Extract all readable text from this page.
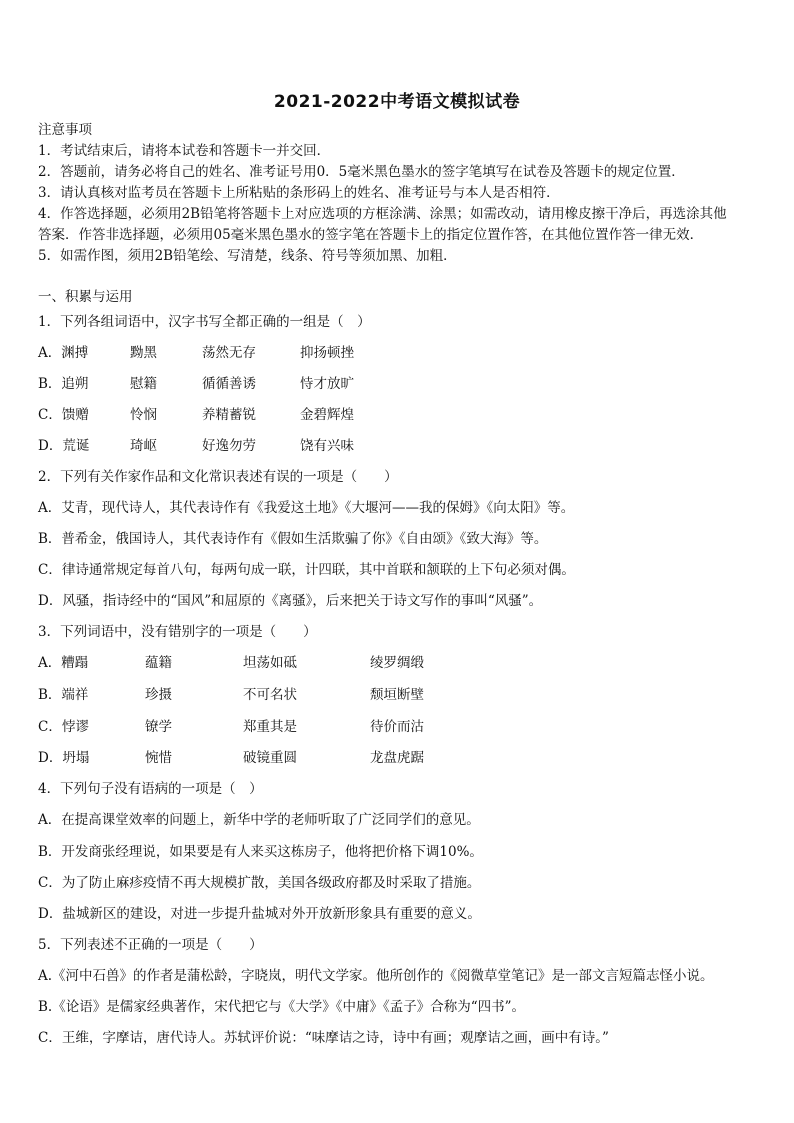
2021-2022中考语文模拟试卷
注意事项
1．考试结束后，请将本试卷和答题卡一并交回．
2．答题前，请务必将自己的姓名、准考证号用0．5毫米黑色墨水的签字笔填写在试卷及答题卡的规定位置．
3．请认真核对监考员在答题卡上所粘贴的条形码上的姓名、准考证号与本人是否相符．
4．作答选择题，必须用2B铅笔将答题卡上对应选项的方框涂满、涂黑；如需改动，请用橡皮擦干净后，再选涂其他
答案．作答非选择题，必须用05毫米黑色墨水的签字笔在答题卡上的指定位置作答，在其他位置作答一律无效．
5．如需作图，须用2B铅笔绘、写清楚，线条、符号等须加黑、加粗．
一、积累与运用
1．下列各组词语中，汉字书写全都正确的一组是（　）
A．渊搏	黝黑	荡然无存	抑扬顿挫
B．追朔	慰籍	循循善诱	恃才放旷
C．馈赠	怜悯	养精蓄锐	金碧辉煌
D．荒诞	琦岖	好逸勿劳	饶有兴味
2．下列有关作家作品和文化常识表述有误的一项是（　　）
A．艾青，现代诗人，其代表诗作有《我爱这土地》《大堰河——我的保姆》《向太阳》等。
B．普希金，俄国诗人，其代表诗作有《假如生活欺骗了你》《自由颂》《致大海》等。
C．律诗通常规定每首八句，每两句成一联，计四联，其中首联和颔联的上下句必须对偶。
D．风骚，指诗经中的“国风”和屈原的《离骚》，后来把关于诗文写作的事叫“风骚”。
3．下列词语中，没有错别字的一项是（　　）
A．糟蹋	蕴籍	坦荡如砥	绫罗绸缎
B．端祥	珍摄	不可名状	颓垣断壁
C．悖谬	镣学	郑重其是	待价而沽
D．坍塌	惋惜	破镜重圆	龙盘虎踞
4．下列句子没有语病的一项是（　）
A．在提高课堂效率的问题上，新华中学的老师听取了广泛同学们的意见。
B．开发商张经理说，如果要是有人来买这栋房子，他将把价格下调10%。
C．为了防止麻疹疫情不再大规模扩散，美国各级政府都及时采取了措施。
D．盐城新区的建设，对进一步提升盐城对外开放新形象具有重要的意义。
5．下列表述不正确的一项是（　　）
A.《河中石兽》的作者是蒲松龄，字晓岚，明代文学家。他所创作的《阅微草堂笔记》是一部文言短篇志怪小说。
B.《论语》是儒家经典著作，宋代把它与《大学》《中庸》《孟子》合称为“四书”。
C．王维，字摩诘，唐代诗人。苏轼评价说：“味摩诘之诗，诗中有画；观摩诘之画，画中有诗。”
